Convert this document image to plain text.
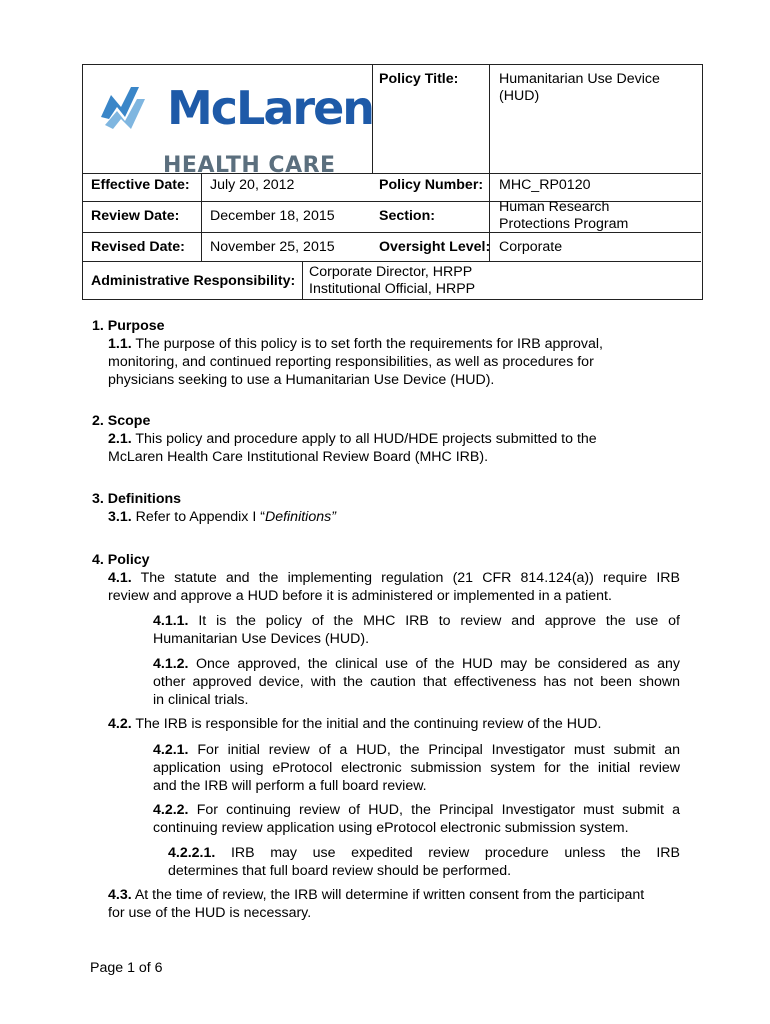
McLaren
HEALTH CARE
Policy Title:	Humanitarian Use Device
(HUD)
Effective Date: July 20, 2012	Policy Number: MHC_RP0120
Review Date: December 18, 2015	Section:
Human Research
Protections Program
Revised Date: November 25, 2015	Oversight Level: Corporate
Administrative Responsibility:
Corporate Director, HRPP
Institutional Official, HRPP
1. Purpose
1.1. The purpose of this policy is to set forth the requirements for IRB approval,
monitoring, and continued reporting responsibilities, as well as procedures for
physicians seeking to use a Humanitarian Use Device (HUD).
2. Scope
2.1. This policy and procedure apply to all HUD/HDE projects submitted to the
McLaren Health Care Institutional Review Board (MHC IRB).
3. Definitions
3.1. Refer to Appendix I “Definitions”
4. Policy
4.1. The statute and the implementing regulation (21 CFR 814.124(a)) require IRB
review and approve a HUD before it is administered or implemented in a patient.
4.1.1. It is the policy of the MHC IRB to review and approve the use of
Humanitarian Use Devices (HUD).
4.1.2. Once approved, the clinical use of the HUD may be considered as any
other approved device, with the caution that effectiveness has not been shown
in clinical trials.
4.2. The IRB is responsible for the initial and the continuing review of the HUD.
4.2.1. For initial review of a HUD, the Principal Investigator must submit an
application using eProtocol electronic submission system for the initial review
and the IRB will perform a full board review.
4.2.2. For continuing review of HUD, the Principal Investigator must submit a
continuing review application using eProtocol electronic submission system.
4.2.2.1. IRB may use expedited review procedure unless the IRB
determines that full board review should be performed.
4.3. At the time of review, the IRB will determine if written consent from the participant
for use of the HUD is necessary.
Page 1 of 6
